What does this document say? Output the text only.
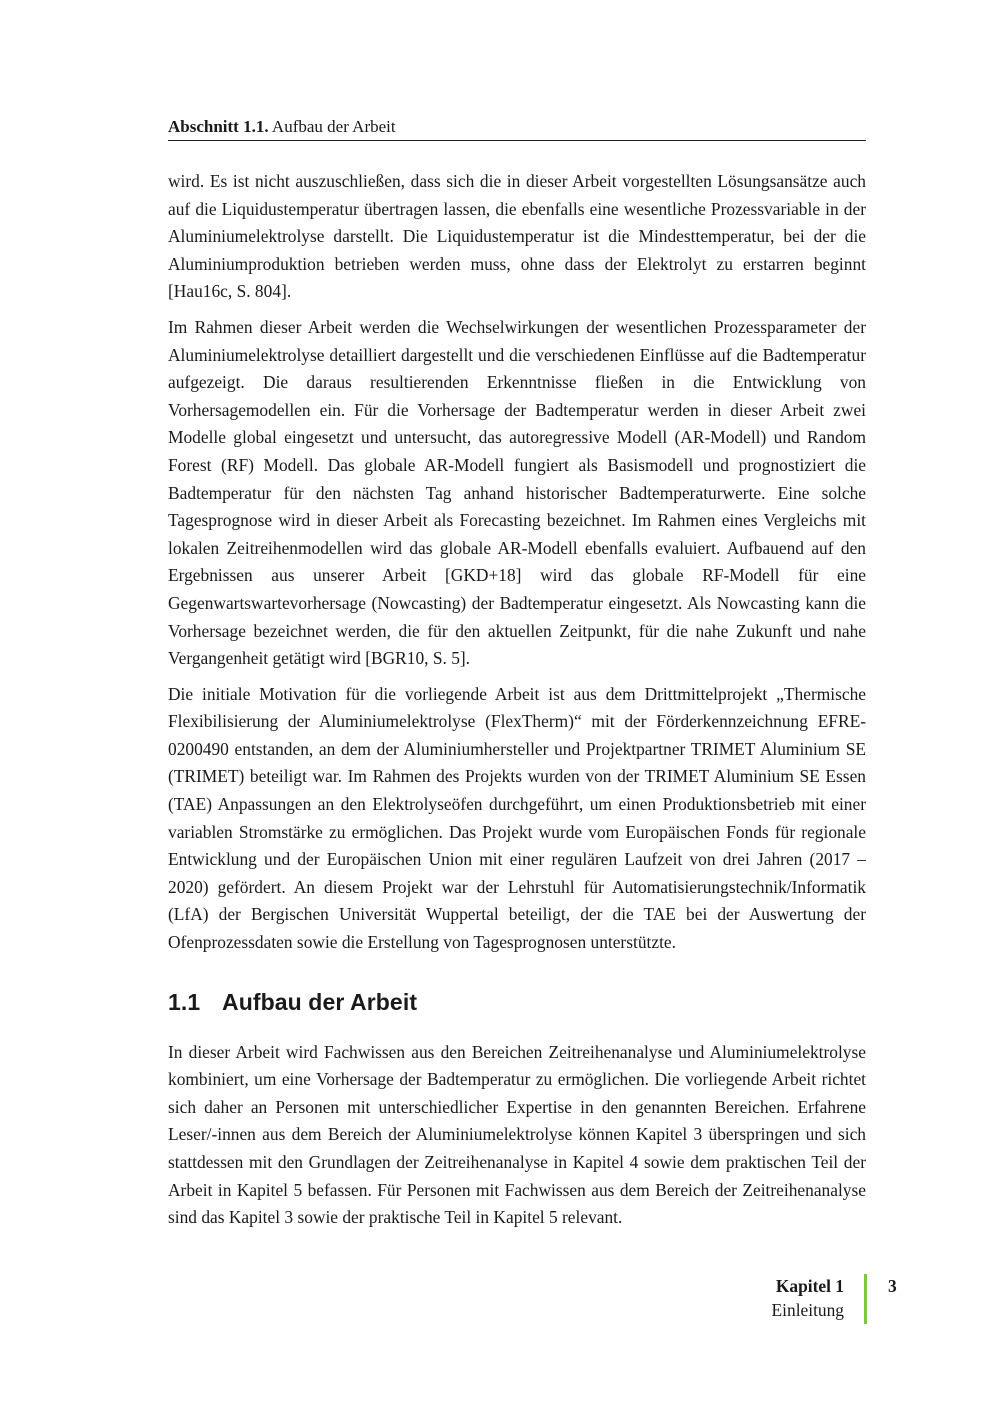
Abschnitt 1.1. Aufbau der Arbeit

wird. Es ist nicht auszuschließen, dass sich die in dieser Arbeit vorgestellten Lösungsansätze auch auf die Liquidustemperatur übertragen lassen, die ebenfalls eine wesentliche Prozessvariable in der Aluminiumelektrolyse darstellt. Die Liquidustemperatur ist die Mindesttemperatur, bei der die Aluminiumproduktion betrieben werden muss, ohne dass der Elektrolyt zu erstarren beginnt [Hau16c, S. 804].

Im Rahmen dieser Arbeit werden die Wechselwirkungen der wesentlichen Prozessparameter der Aluminiumelektrolyse detailliert dargestellt und die verschiedenen Einflüsse auf die Badtemperatur aufgezeigt. Die daraus resultierenden Erkenntnisse fließen in die Entwicklung von Vorhersagemodellen ein. Für die Vorhersage der Badtemperatur werden in dieser Arbeit zwei Modelle global eingesetzt und untersucht, das autoregressive Modell (AR-Modell) und Random Forest (RF) Modell. Das globale AR-Modell fungiert als Basismodell und prognostiziert die Badtemperatur für den nächsten Tag anhand historischer Badtemperaturwerte. Eine solche Tagesprognose wird in dieser Arbeit als Forecasting bezeichnet. Im Rahmen eines Vergleichs mit lokalen Zeitreihenmodellen wird das globale AR-Modell ebenfalls evaluiert. Aufbauend auf den Ergebnissen aus unserer Arbeit [GKD+18] wird das globale RF-Modell für eine Gegenwartswartevorhersage (Nowcasting) der Badtemperatur eingesetzt. Als Nowcasting kann die Vorhersage bezeichnet werden, die für den aktuellen Zeitpunkt, für die nahe Zukunft und nahe Vergangenheit getätigt wird [BGR10, S. 5].

Die initiale Motivation für die vorliegende Arbeit ist aus dem Drittmittelprojekt „Thermische Flexibilisierung der Aluminiumelektrolyse (FlexTherm)“ mit der Förderkennzeichnung EFRE-0200490 entstanden, an dem der Aluminiumhersteller und Projektpartner TRIMET Aluminium SE (TRIMET) beteiligt war. Im Rahmen des Projekts wurden von der TRIMET Aluminium SE Essen (TAE) Anpassungen an den Elektrolyseöfen durchgeführt, um einen Produktionsbetrieb mit einer variablen Stromstärke zu ermöglichen. Das Projekt wurde vom Europäischen Fonds für regionale Entwicklung und der Europäischen Union mit einer regulären Laufzeit von drei Jahren (2017 – 2020) gefördert. An diesem Projekt war der Lehrstuhl für Automatisierungstechnik/Informatik (LfA) der Bergischen Universität Wuppertal beteiligt, der die TAE bei der Auswertung der Ofenprozessdaten sowie die Erstellung von Tagesprognosen unterstützte.

1.1 Aufbau der Arbeit

In dieser Arbeit wird Fachwissen aus den Bereichen Zeitreihenanalyse und Aluminiumelektrolyse kombiniert, um eine Vorhersage der Badtemperatur zu ermöglichen. Die vorliegende Arbeit richtet sich daher an Personen mit unterschiedlicher Expertise in den genannten Bereichen. Erfahrene Leser/-innen aus dem Bereich der Aluminiumelektrolyse können Kapitel 3 überspringen und sich stattdessen mit den Grundlagen der Zeitreihenanalyse in Kapitel 4 sowie dem praktischen Teil der Arbeit in Kapitel 5 befassen. Für Personen mit Fachwissen aus dem Bereich der Zeitreihenanalyse sind das Kapitel 3 sowie der praktische Teil in Kapitel 5 relevant.

Kapitel 1
Einleitung
3
